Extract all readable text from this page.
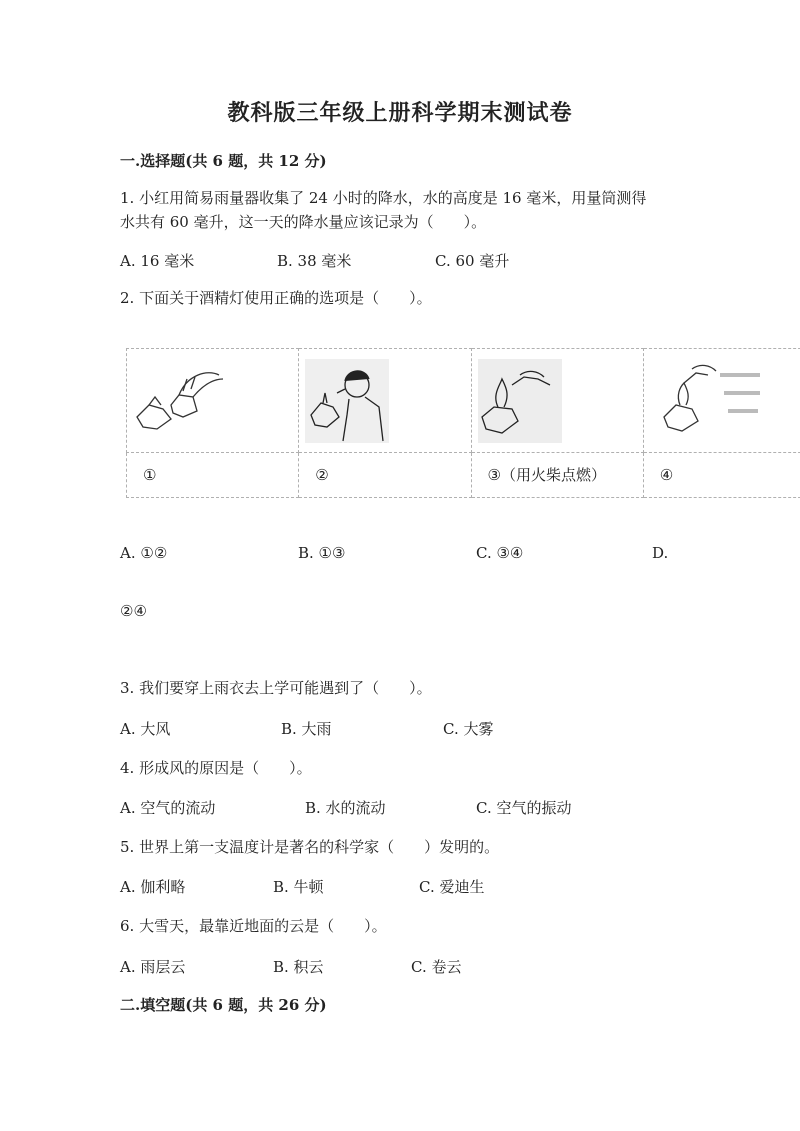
教科版三年级上册科学期末测试卷
一.选择题(共 6 题，共 12 分)
1. 小红用简易雨量器收集了 24 小时的降水，水的高度是 16 毫米，用量筒测得
水共有 60 毫升，这一天的降水量应该记录为（　　）。
A. 16 毫米	B. 38 毫米	C. 60 毫升
2. 下面关于酒精灯使用正确的选项是（　　）。

①	②	③（用火柴点燃）	④
A. ①②	B. ①③	C. ③④	D.
②④
3. 我们要穿上雨衣去上学可能遇到了（　　）。
A. 大风	B. 大雨	C. 大雾
4. 形成风的原因是（　　）。
A. 空气的流动	B. 水的流动	C. 空气的振动
5. 世界上第一支温度计是著名的科学家（　　）发明的。
A. 伽利略	B. 牛顿	C. 爱迪生
6. 大雪天，最靠近地面的云是（　　）。
A. 雨层云	B. 积云	C. 卷云
二.填空题(共 6 题，共 26 分)
